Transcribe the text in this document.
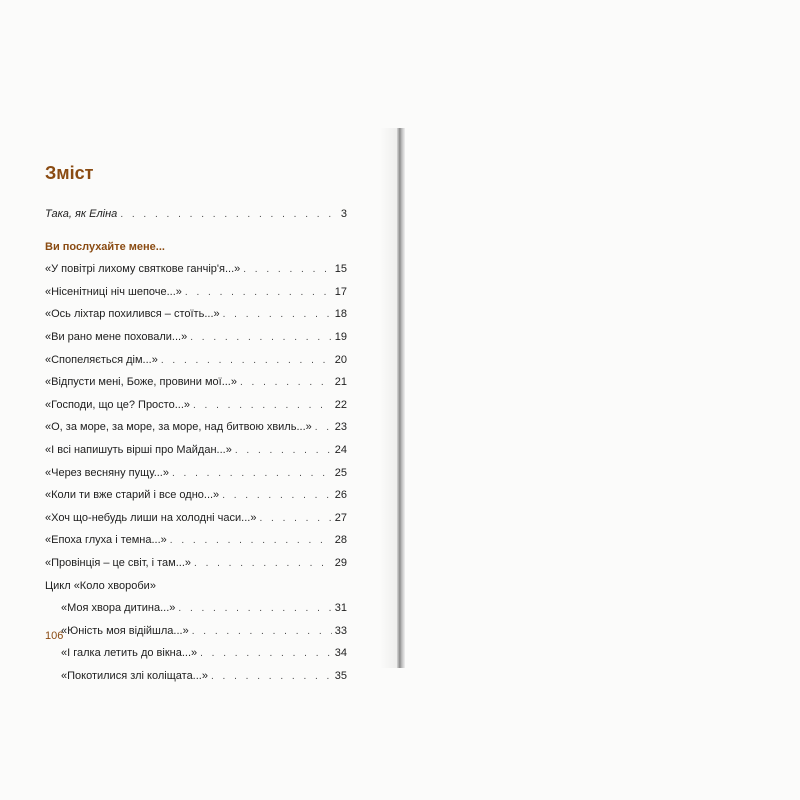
Зміст
Така, як Еліна . . .	3
Ви послухайте мене...
«У повітрі лихому святкове ганчір'я...» . . .	15
«Нісенітниці ніч шепоче...» . . .	17
«Ось ліхтар похилився – стоїть...» . . .	18
«Ви рано мене поховали...» . . .	19
«Спопеляється дім...» . . .	20
«Відпусти мені, Боже, провини мої...» . . .	21
«Господи, що це? Просто...» . . .	22
«О, за море, за море, за море, над битвою хвиль...» . . . 23
«І всі напишуть вірші про Майдан...» . . .	24
«Через весняну пущу...» . . .	25
«Коли ти вже старий і все одно...» . . .	26
«Хоч що-небудь лиши на холодні часи...» . . .	27
«Епоха глуха і темна...» . . .	28
«Провінція – це світ, і там...» . . .	29
Цикл «Коло хвороби»
«Моя хвора дитина...» . . .	31
«Юність моя відійшла...» . . .	33
«І галка летить до вікна...» . . .	34
«Покотилися злі коліщата...» . . .	35
106
